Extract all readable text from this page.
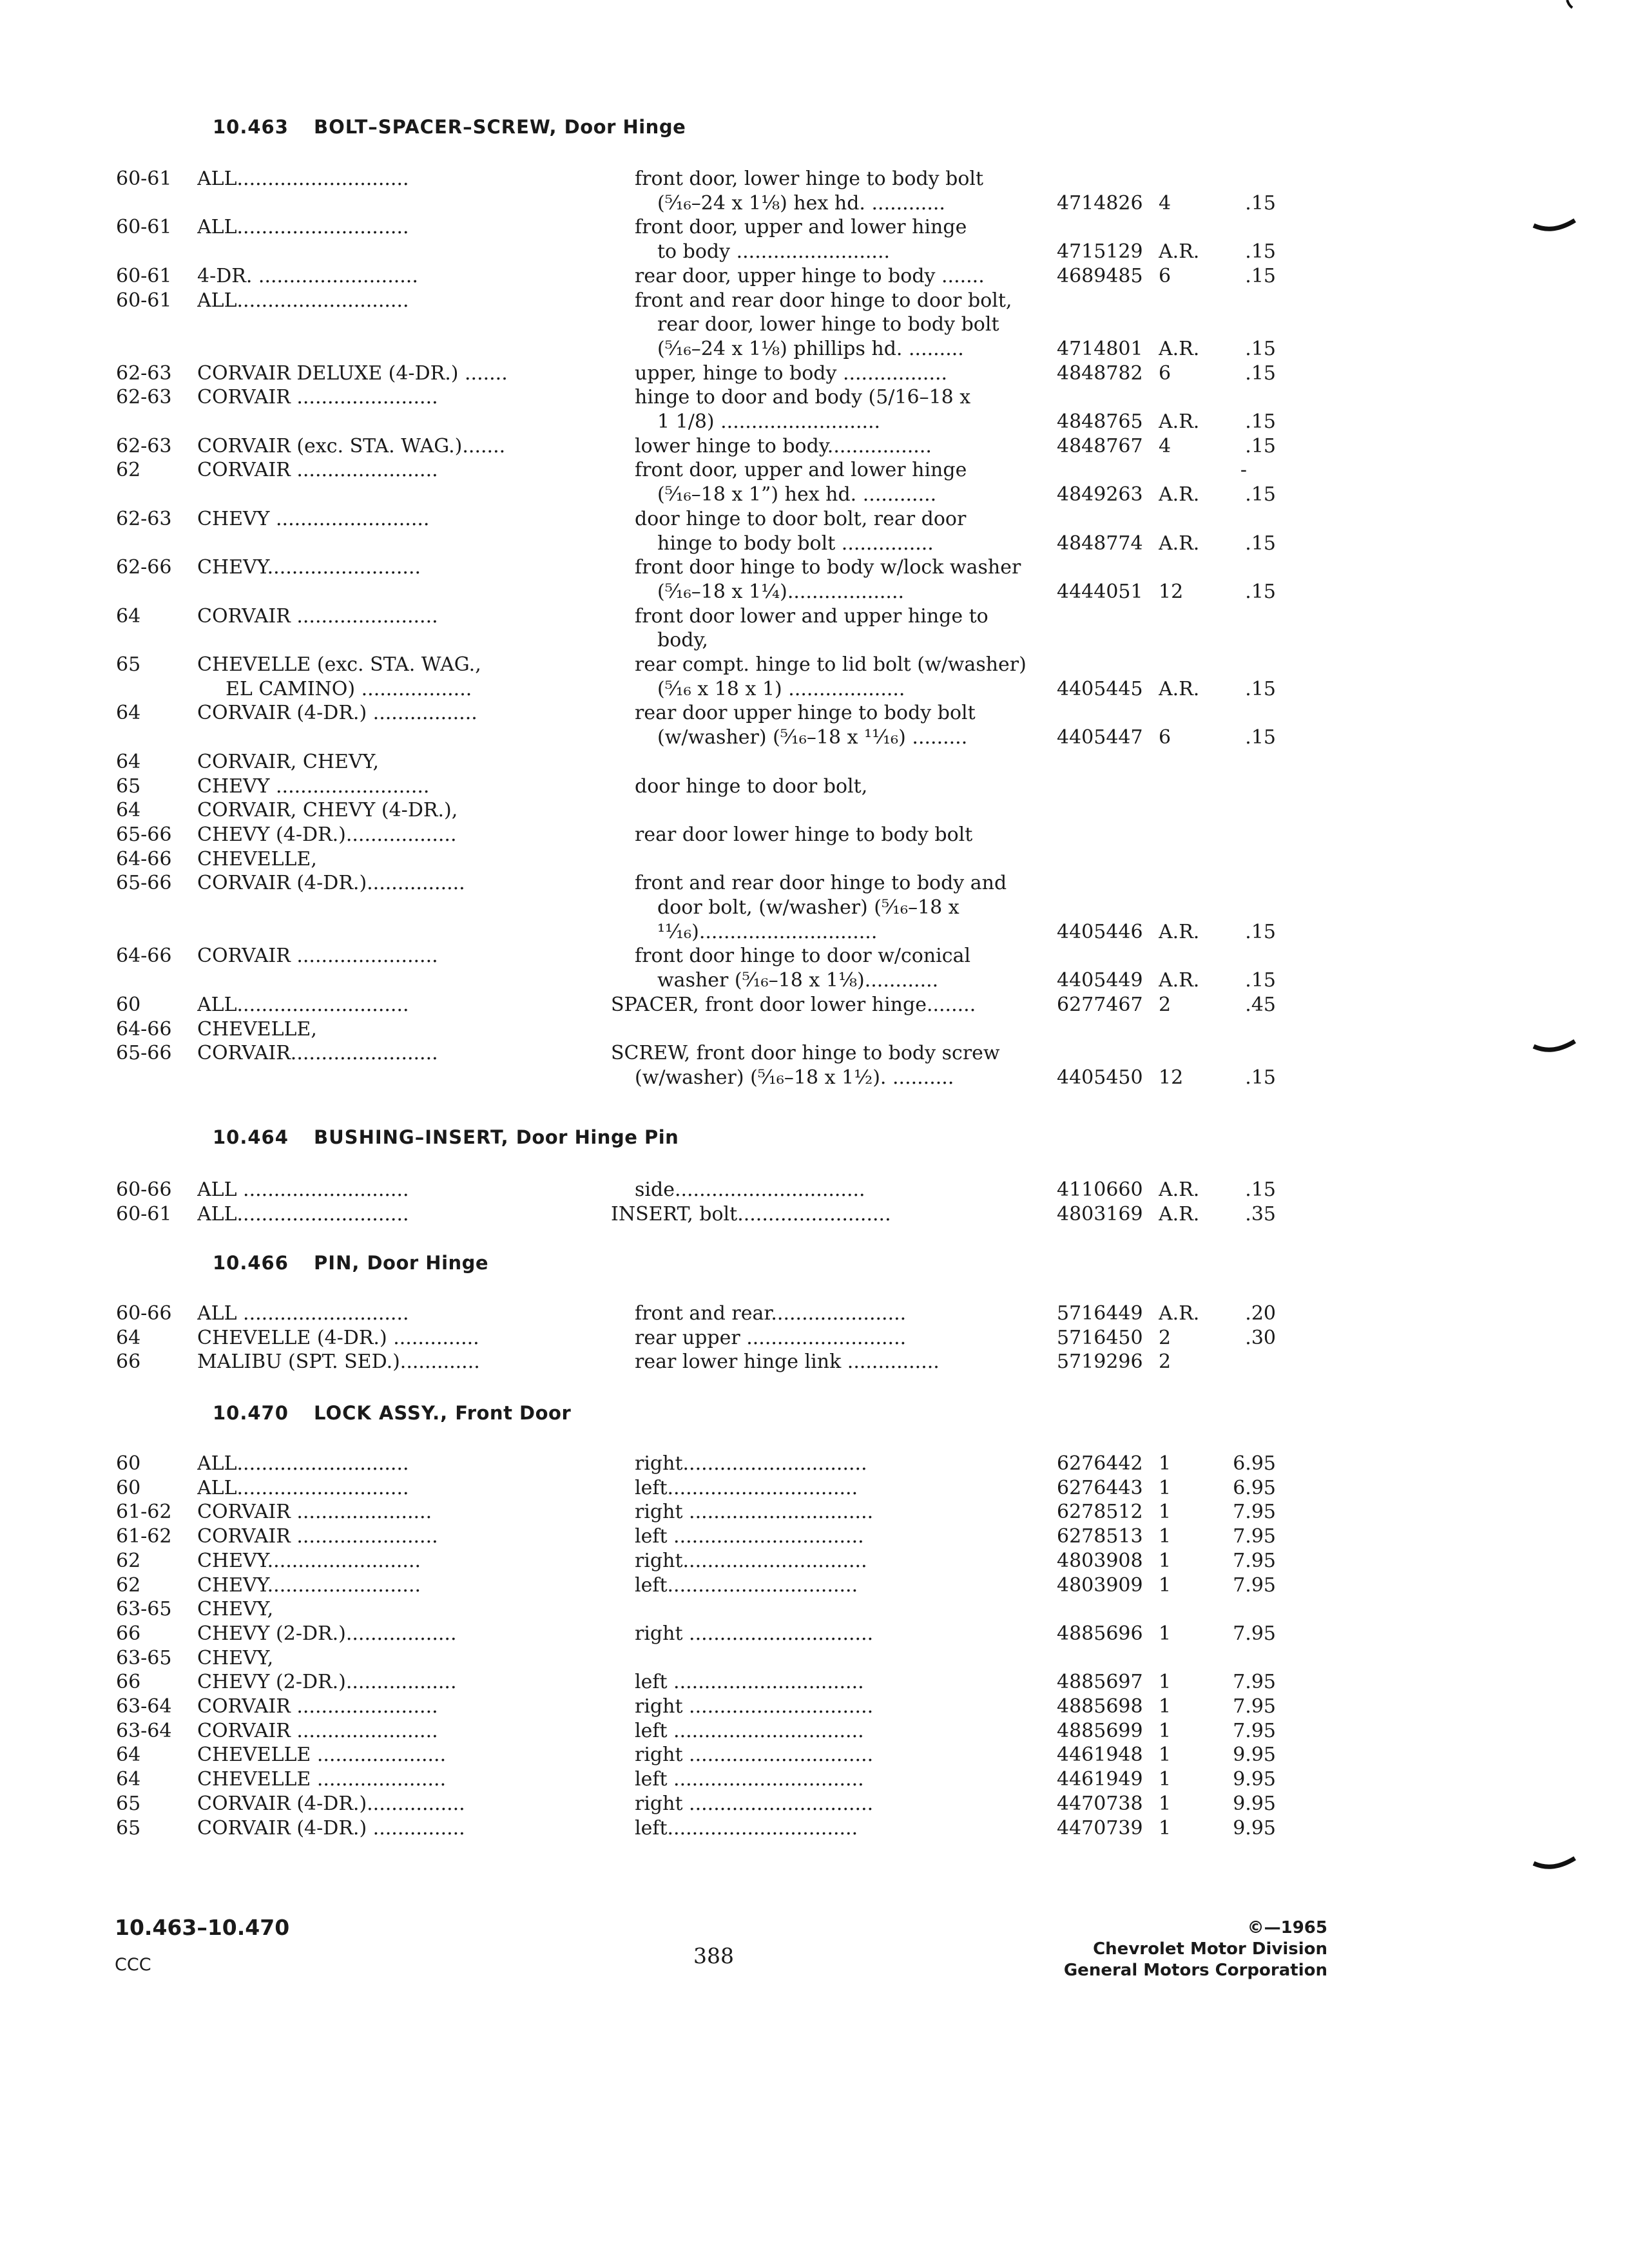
10.463 BOLT–SPACER–SCREW, Door Hinge
10.464 BUSHING–INSERT, Door Hinge Pin
10.466 PIN, Door Hinge
10.470 LOCK ASSY., Front Door
60-61	ALL............................	front door, lower hinge to body bolt
(⁵⁄₁₆–24 x 1⅛) hex hd. ............	4714826 4	.15
60-61	ALL............................	front door, upper and lower hinge
to body .........................	4715129 A.R.	.15
60-61	4-DR. ..........................	rear door, upper hinge to body .......	4689485 6	.15
60-61	ALL............................	front and rear door hinge to door bolt,
rear door, lower hinge to body bolt
(⁵⁄₁₆–24 x 1⅛) phillips hd. .........	4714801 A.R.	.15
62-63	CORVAIR DELUXE (4-DR.) .......	upper, hinge to body .................	4848782 6	.15
62-63	CORVAIR .......................	hinge to door and body (5/16–18 x
1 1/8) ..........................	4848765 A.R.	.15
62-63	CORVAIR (exc. STA. WAG.).......	lower hinge to body.................	4848767 4	.15
62	CORVAIR .......................	front door, upper and lower hinge	-
(⁵⁄₁₆–18 x 1”) hex hd. ............	4849263 A.R.	.15
62-63	CHEVY .........................	door hinge to door bolt, rear door
hinge to body bolt ...............	4848774 A.R.	.15
62-66	CHEVY.........................	front door hinge to body w/lock washer
(⁵⁄₁₆–18 x 1¼)...................	4444051 12	.15
64	CORVAIR .......................	front door lower and upper hinge to
body,
65	CHEVELLE (exc. STA. WAG.,	rear compt. hinge to lid bolt (w/washer)
EL CAMINO) ..................	(⁵⁄₁₆ x 18 x 1) ...................	4405445 A.R.	.15
64	CORVAIR (4-DR.) .................	rear door upper hinge to body bolt
(w/washer) (⁵⁄₁₆–18 x ¹¹⁄₁₆) .........	4405447 6	.15
64	CORVAIR, CHEVY,
65	CHEVY .........................	door hinge to door bolt,
64	CORVAIR, CHEVY (4-DR.),
65-66	CHEVY (4-DR.)..................	rear door lower hinge to body bolt
64-66	CHEVELLE,
65-66	CORVAIR (4-DR.)................	front and rear door hinge to body and
door bolt, (w/washer) (⁵⁄₁₆–18 x
¹¹⁄₁₆).............................	4405446 A.R.	.15
64-66	CORVAIR .......................	front door hinge to door w/conical
washer (⁵⁄₁₆–18 x 1⅛)............	4405449 A.R.	.15
60	ALL............................	SPACER, front door lower hinge........	6277467 2	.45
64-66	CHEVELLE,
65-66	CORVAIR........................	SCREW, front door hinge to body screw
(w/washer) (⁵⁄₁₆–18 x 1½). ..........	4405450 12	.15
60-66	ALL ...........................	side...............................	4110660 A.R.	.15
60-61	ALL............................	INSERT, bolt.........................	4803169 A.R.	.35
60-66	ALL ...........................	front and rear......................	5716449 A.R.	.20
64	CHEVELLE (4-DR.) ..............	rear upper ..........................	5716450 2	.30
66	MALIBU (SPT. SED.).............	rear lower hinge link ...............	5719296 2
60	ALL............................	right..............................	6276442 1	6.95
60	ALL............................	left...............................	6276443 1	6.95
61-62	CORVAIR ......................	right ..............................	6278512 1	7.95
61-62	CORVAIR .......................	left ...............................	6278513 1	7.95
62	CHEVY.........................	right..............................	4803908 1	7.95
62	CHEVY.........................	left...............................	4803909 1	7.95
63-65	CHEVY,
66	CHEVY (2-DR.)..................	right ..............................	4885696 1	7.95
63-65	CHEVY,
66	CHEVY (2-DR.)..................	left ...............................	4885697 1	7.95
63-64	CORVAIR .......................	right ..............................	4885698 1	7.95
63-64	CORVAIR .......................	left ...............................	4885699 1	7.95
64	CHEVELLE .....................	right ..............................	4461948 1	9.95
64	CHEVELLE .....................	left ...............................	4461949 1	9.95
65	CORVAIR (4-DR.)................	right ..............................	4470738 1	9.95
65	CORVAIR (4-DR.) ...............	left...............................	4470739 1	9.95
10.463–10.470
CCC	388
©—1965
Chevrolet Motor Division
General Motors Corporation
